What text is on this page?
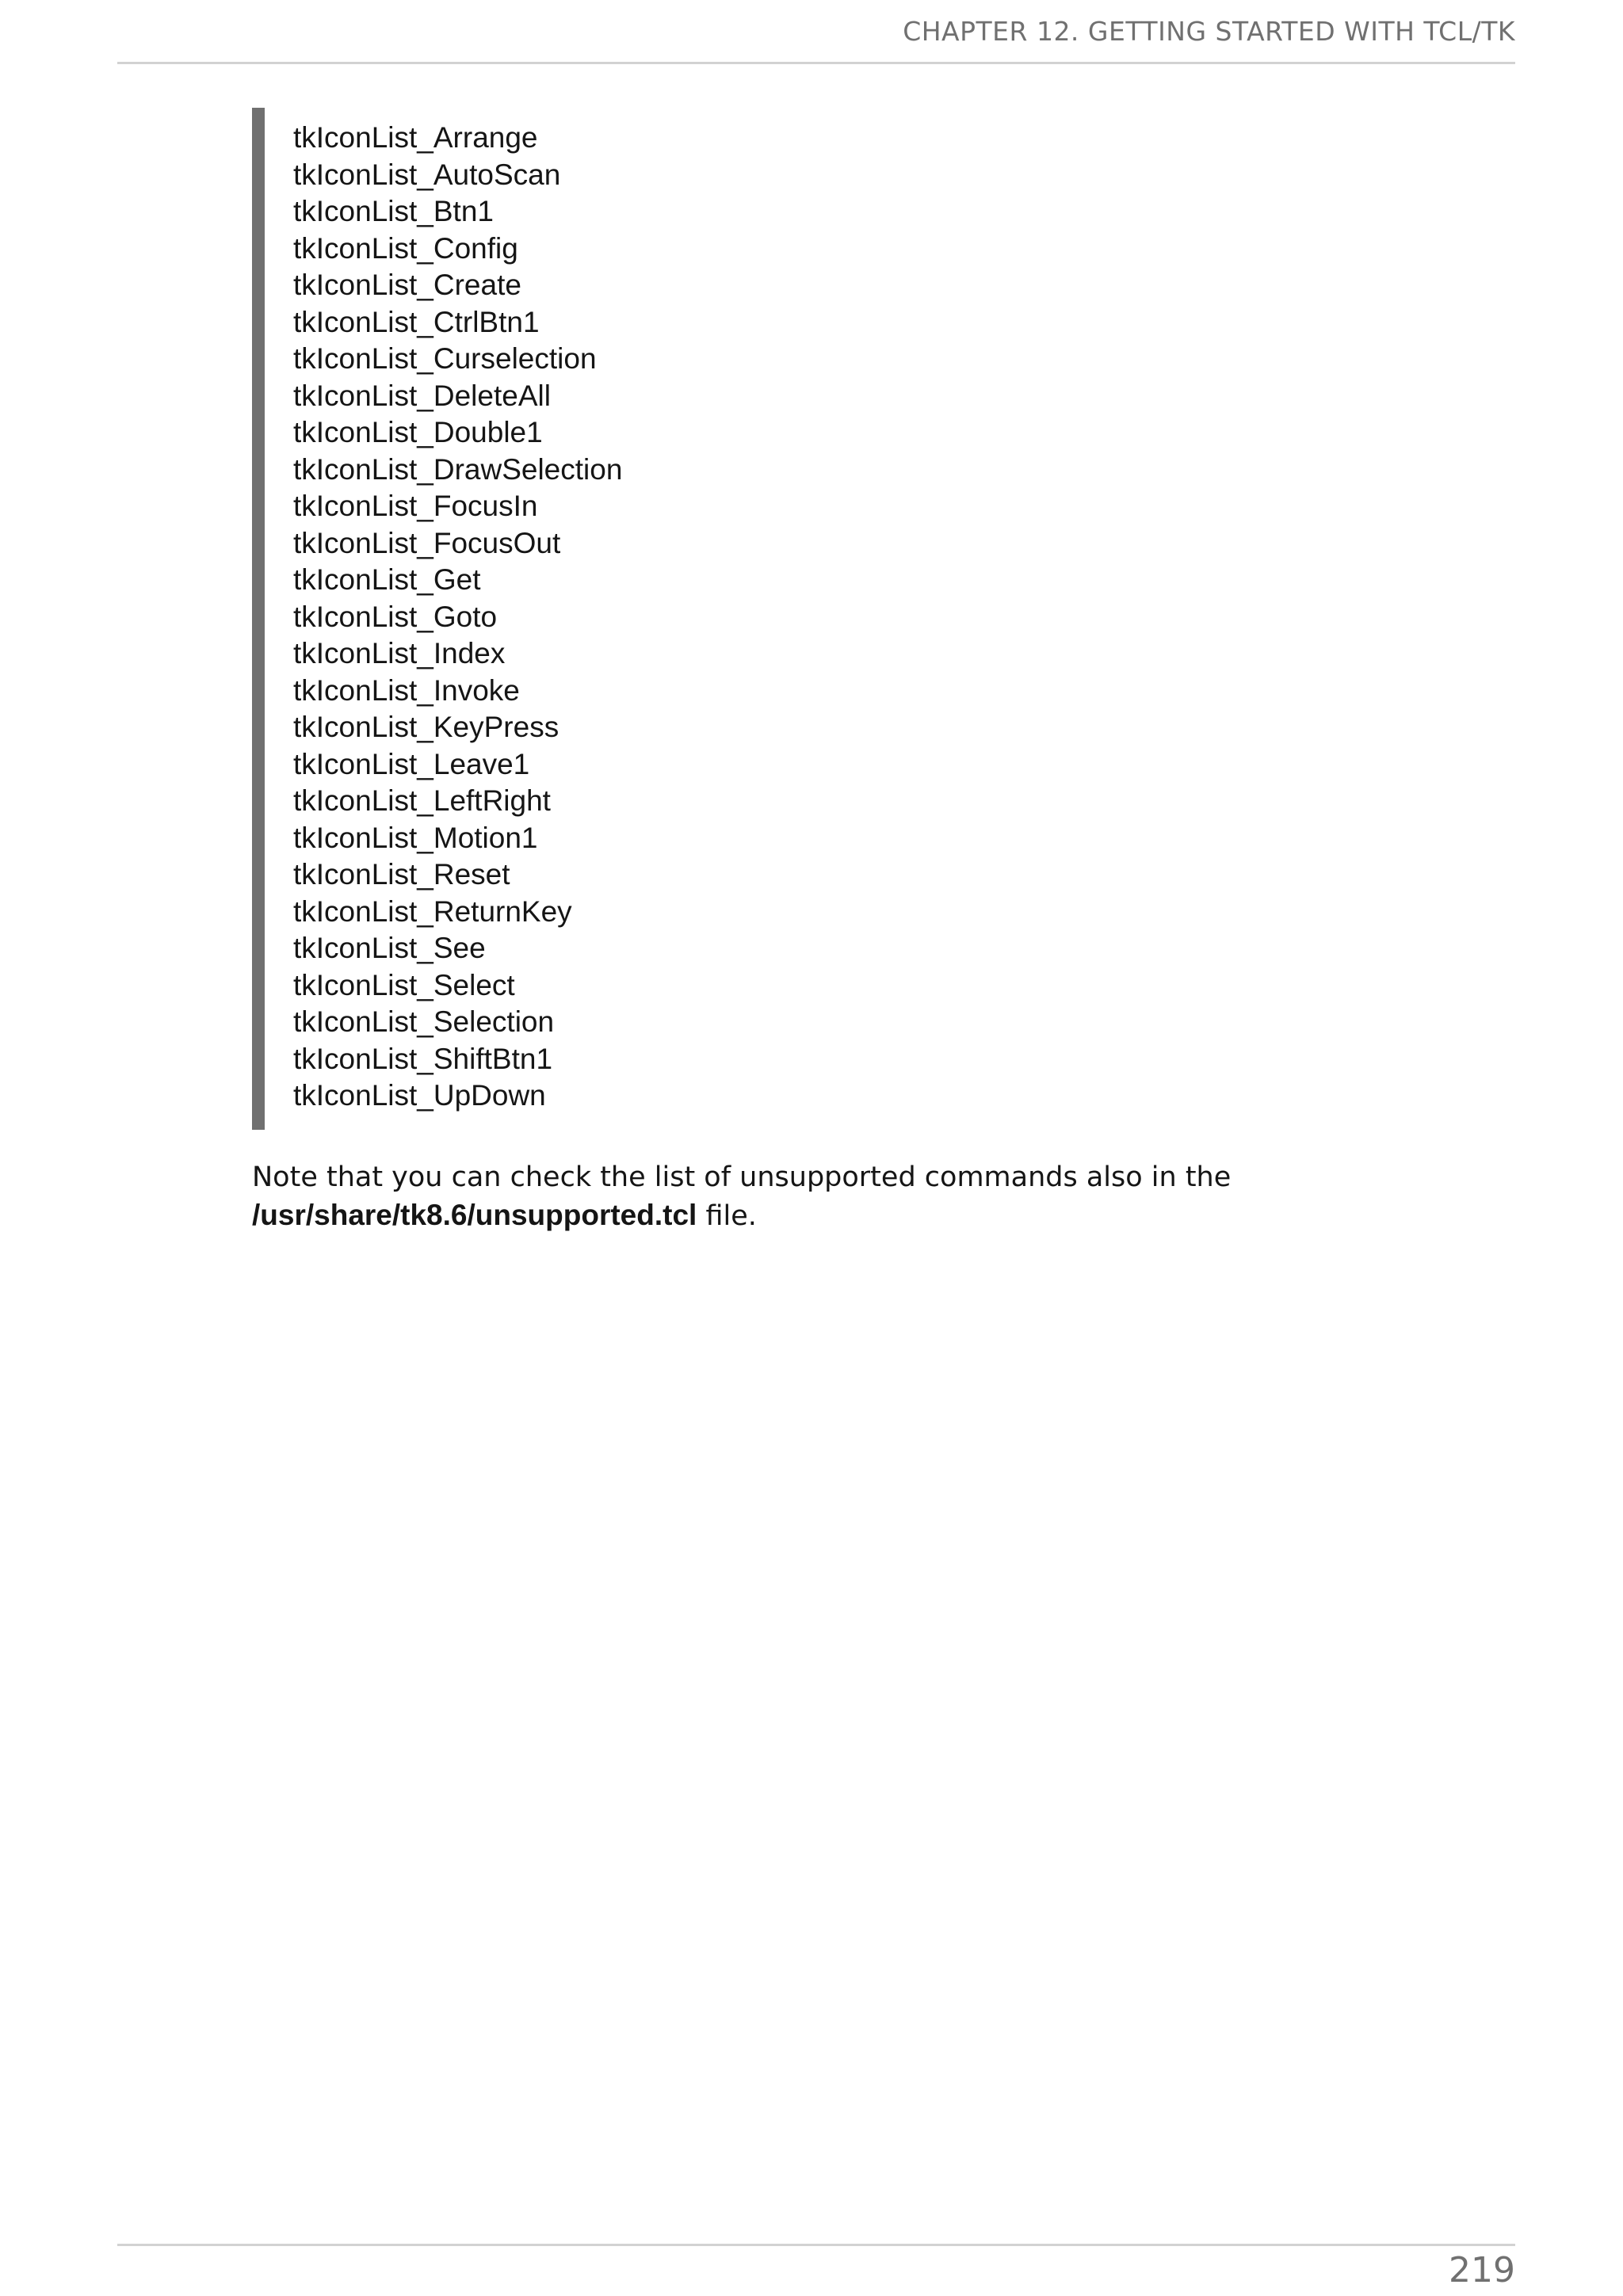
CHAPTER 12. GETTING STARTED WITH TCL/TK
tkIconList_Arrange
tkIconList_AutoScan
tkIconList_Btn1
tkIconList_Config
tkIconList_Create
tkIconList_CtrlBtn1
tkIconList_Curselection
tkIconList_DeleteAll
tkIconList_Double1
tkIconList_DrawSelection
tkIconList_FocusIn
tkIconList_FocusOut
tkIconList_Get
tkIconList_Goto
tkIconList_Index
tkIconList_Invoke
tkIconList_KeyPress
tkIconList_Leave1
tkIconList_LeftRight
tkIconList_Motion1
tkIconList_Reset
tkIconList_ReturnKey
tkIconList_See
tkIconList_Select
tkIconList_Selection
tkIconList_ShiftBtn1
tkIconList_UpDown
Note that you can check the list of unsupported commands also in the
/usr/share/tk8.6/unsupported.tcl file.
219
